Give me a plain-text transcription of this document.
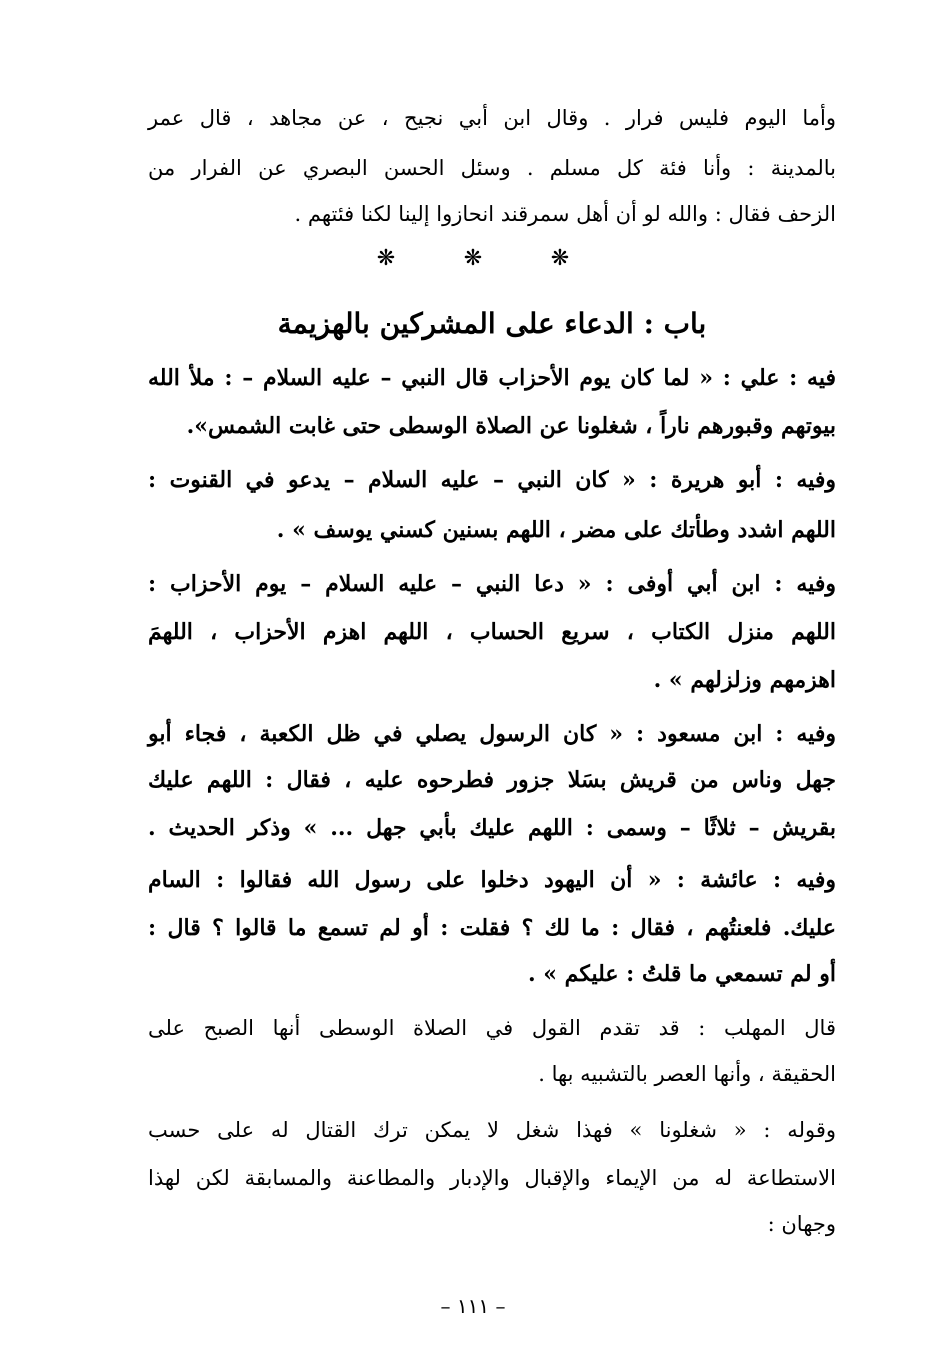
وأما اليوم فليس فرار . وقال ابن أبي نجيح ، عن مجاهد ، قال عمر
بالمدينة : وأنا فئة كل مسلم . وسئل الحسن البصري عن الفرار من
الزحف فقال : والله لو أن أهل سمرقند انحازوا إلينا لكنا فئتهم .
❋	❋	❋
باب : الدعاء على المشركين بالهزيمة
فيه : علي : « لما كان يوم الأحزاب قال النبي – عليه السلام – : ملأ الله
بيوتهم وقبورهم ناراً ، شغلونا عن الصلاة الوسطى حتى غابت الشمس».
وفيه : أبو هريرة : « كان النبي – عليه السلام – يدعو في القنوت :
اللهم اشدد وطأتك على مضر ، اللهم بسنين كسني يوسف » .
وفيه : ابن أبي أوفى : « دعا النبي – عليه السلام – يوم الأحزاب :
اللهم منزل الكتاب ، سريع الحساب ، اللهم اهزم الأحزاب ، اللهمَ
اهزمهم وزلزلهم » .
وفيه : ابن مسعود : « كان الرسول يصلي في ظل الكعبة ، فجاء أبو
جهل وناس من قريش بسَلا جزور فطرحوه عليه ، فقال : اللهم عليك
بقريش – ثلاثًا – وسمى : اللهم عليك بأبي جهل ... » وذكر الحديث .
وفيه : عائشة : « أن اليهود دخلوا على رسول الله فقالوا : السام
عليك. فلعنتُهم ، فقال : ما لك ؟ فقلت : أو لم تسمع ما قالوا ؟ قال :
أو لم تسمعي ما قلتُ : عليكم » .
قال المهلب : قد تقدم القول في الصلاة الوسطى أنها الصبح على
الحقيقة ، وأنها العصر بالتشبيه بها .
وقوله : « شغلونا » فهذا شغل لا يمكن ترك القتال له على حسب
الاستطاعة له من الإيماء والإقبال والإدبار والمطاعنة والمسابقة لكن لهذا
وجهان :
– ١١١ –
